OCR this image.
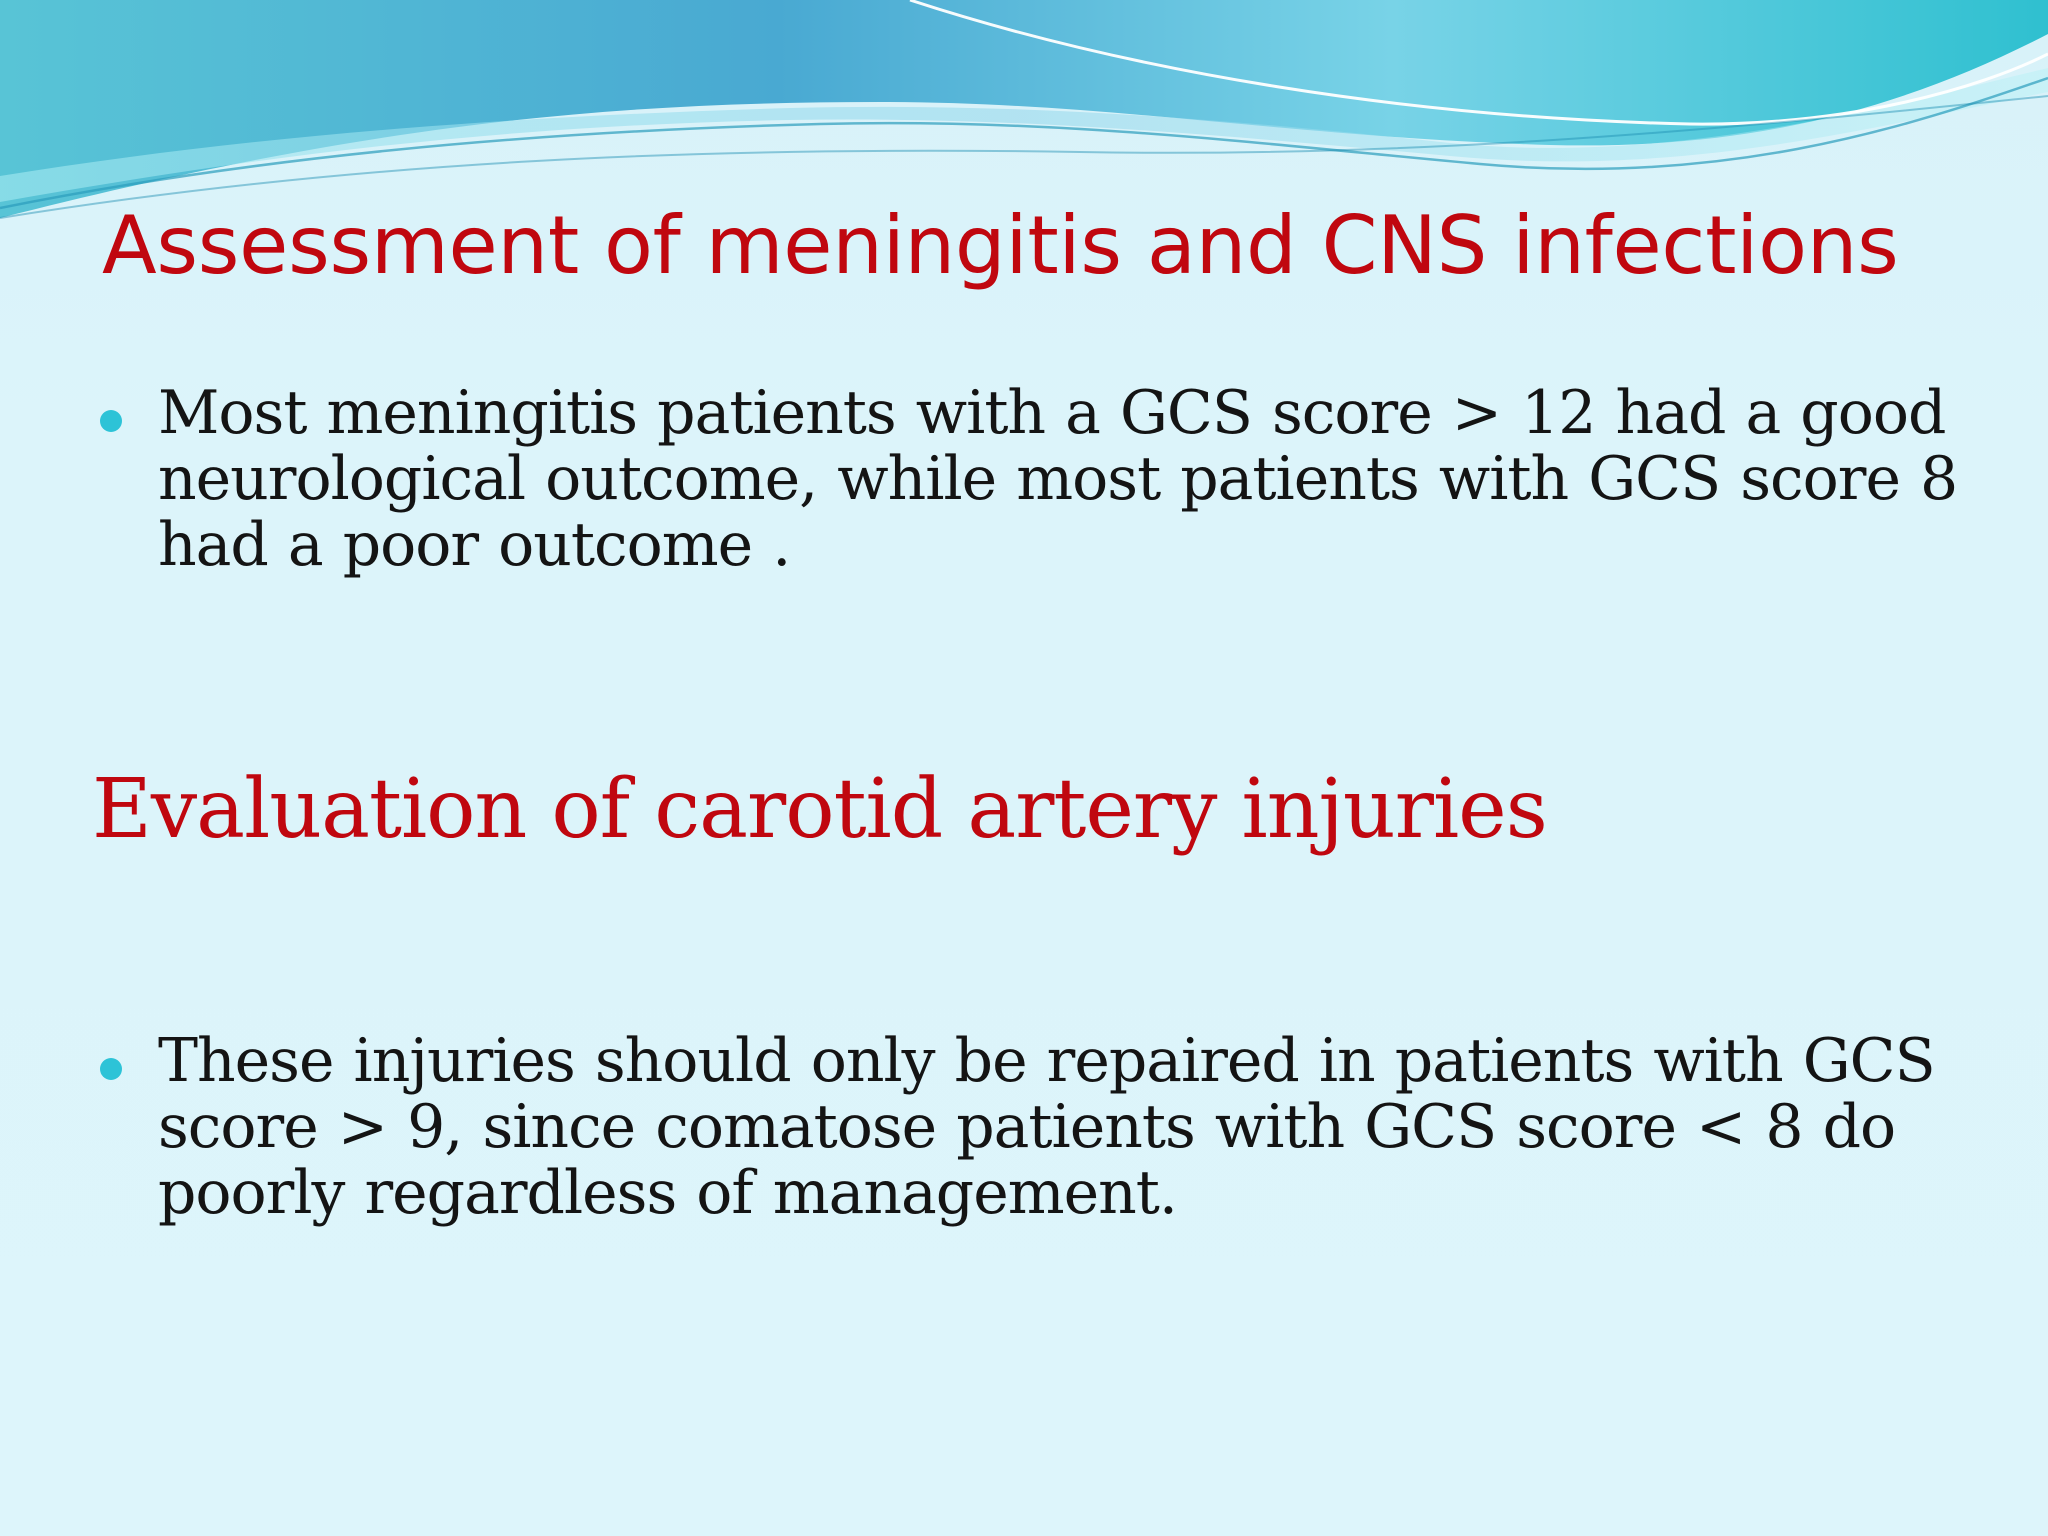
Assessment of meningitis and CNS infections

Most meningitis patients with a GCS score > 12 had a good neurological outcome, while most patients with GCS score 8 had a poor outcome .

Evaluation of carotid artery injuries

These injuries should only be repaired in patients with GCS score > 9, since comatose patients with GCS score < 8 do poorly regardless of management.
